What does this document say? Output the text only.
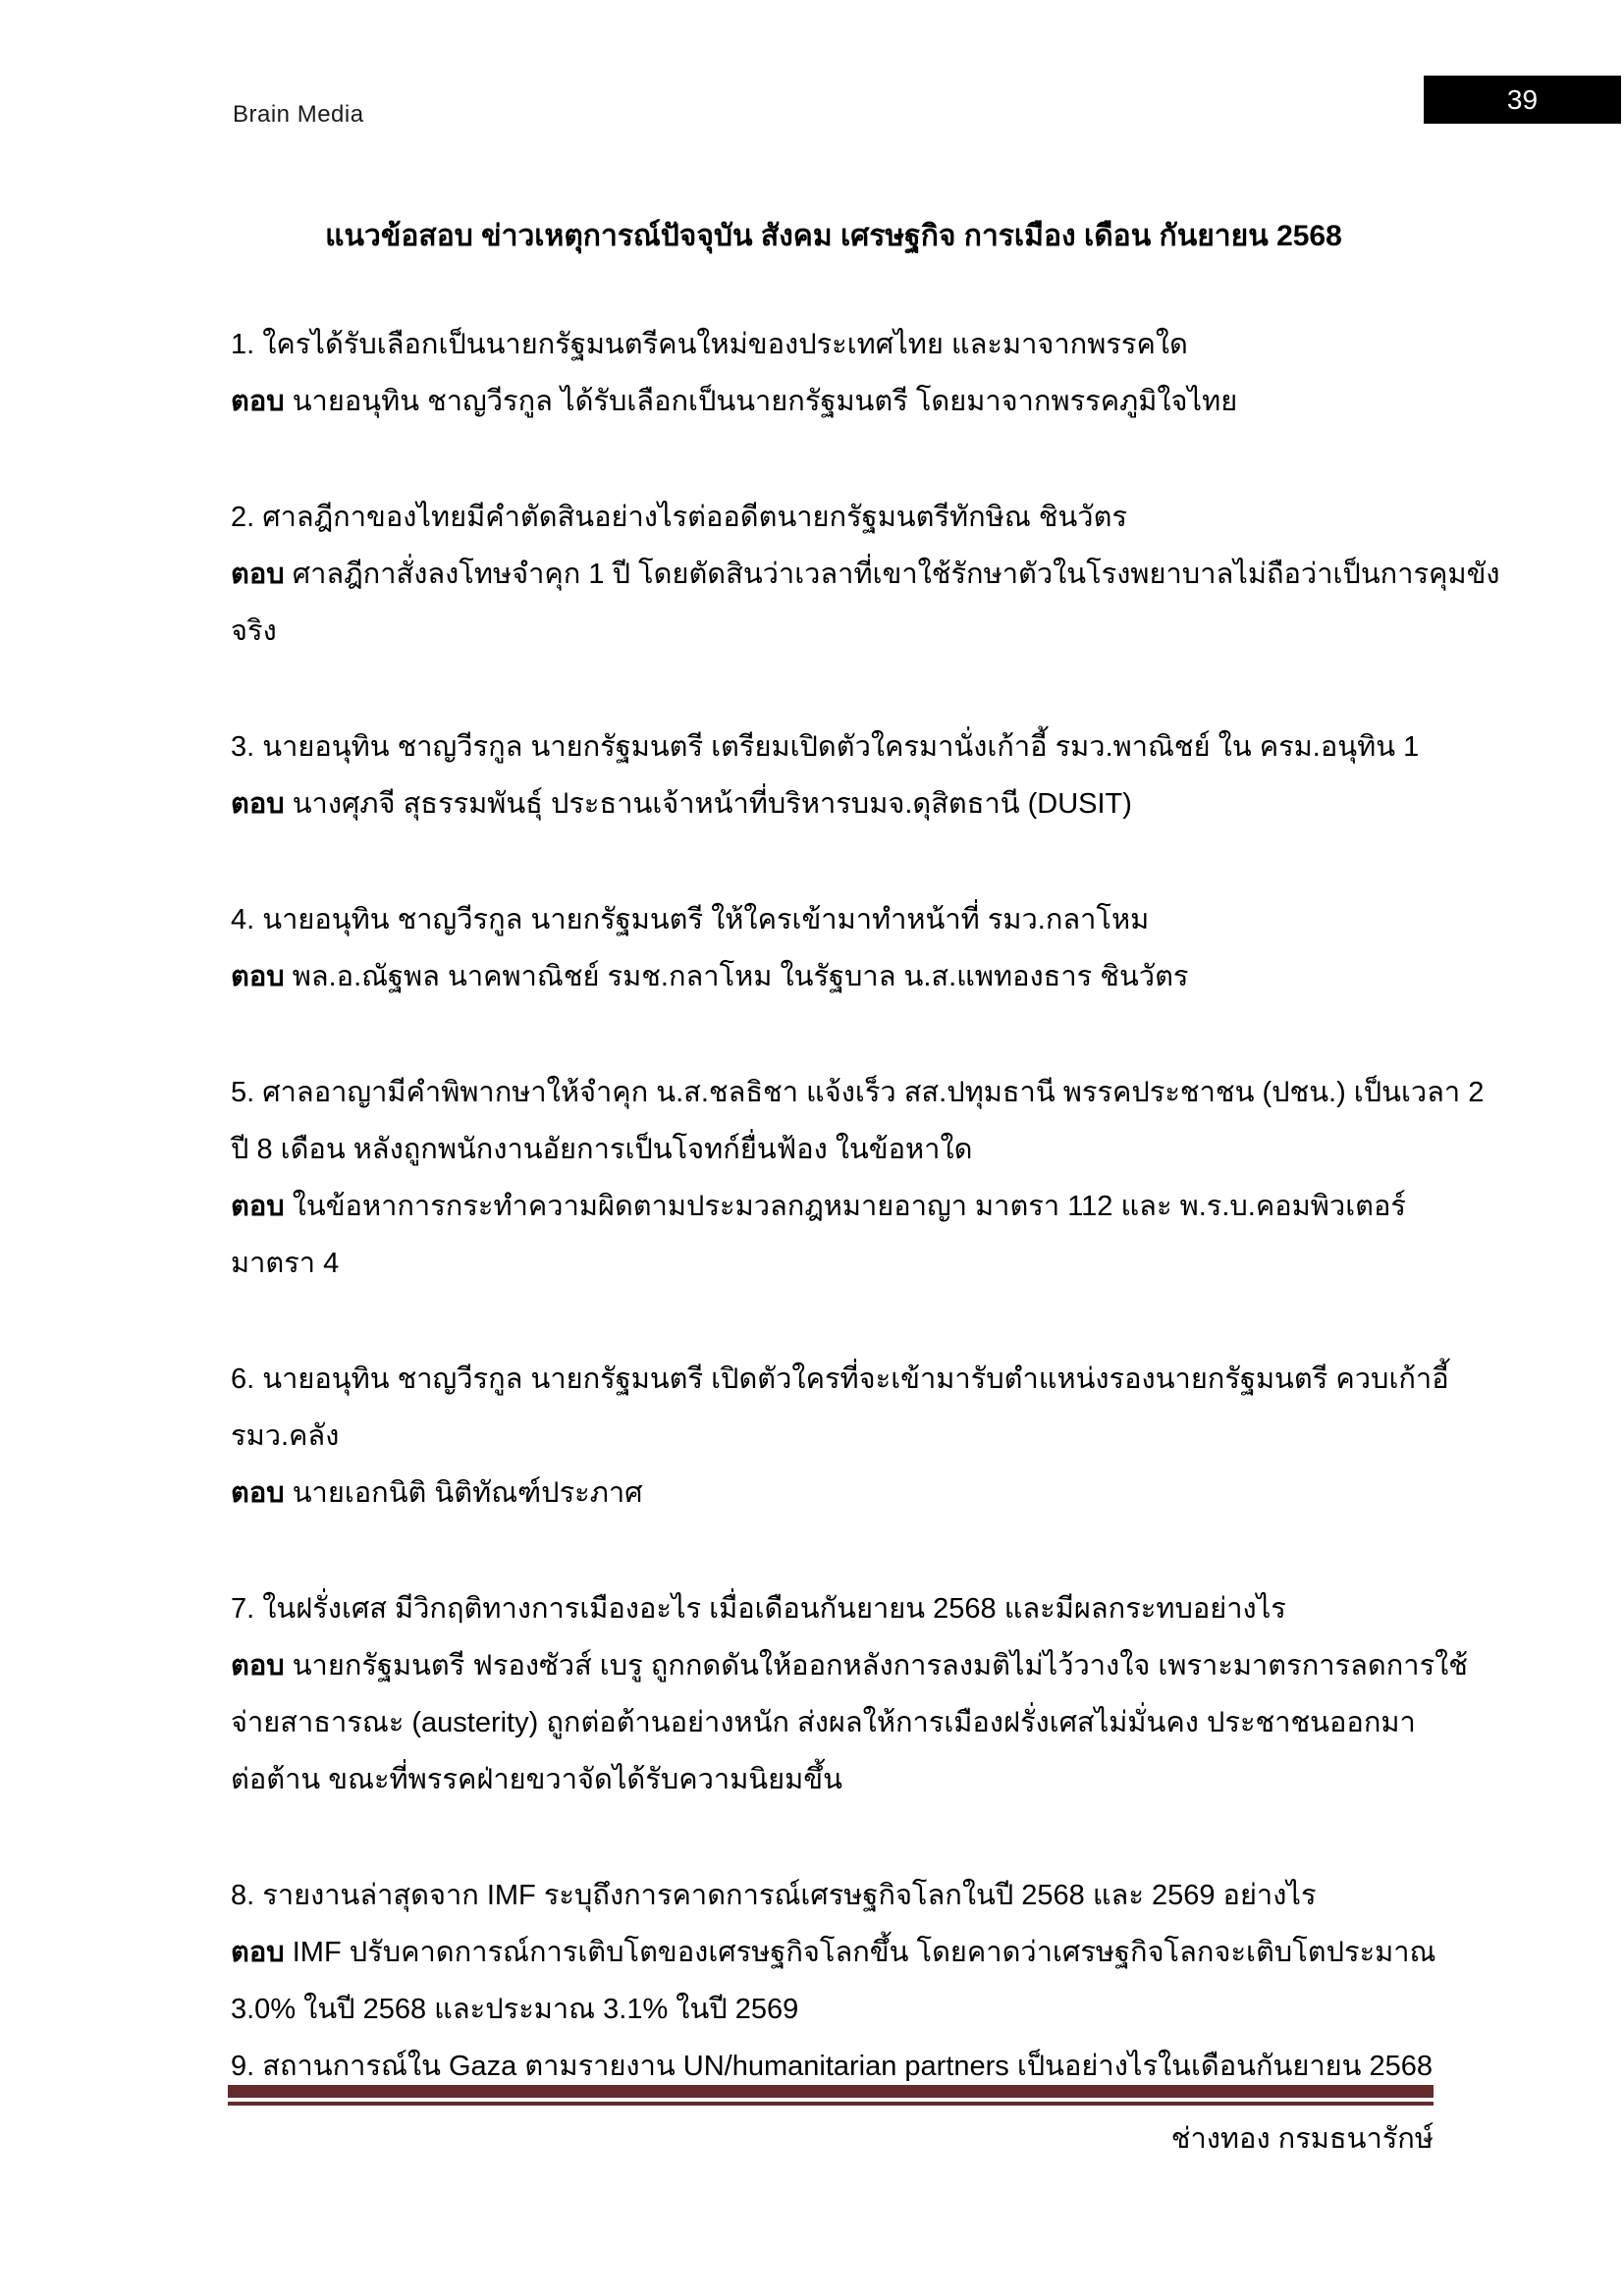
Brain Media	39
แนวข้อสอบ ข่าวเหตุการณ์ปัจจุบัน สังคม เศรษฐกิจ การเมือง เดือน กันยายน 2568
1. ใครได้รับเลือกเป็นนายกรัฐมนตรีคนใหม่ของประเทศไทย และมาจากพรรคใด
ตอบ นายอนุทิน ชาญวีรกูล ได้รับเลือกเป็นนายกรัฐมนตรี โดยมาจากพรรคภูมิใจไทย
2. ศาลฎีกาของไทยมีคำตัดสินอย่างไรต่ออดีตนายกรัฐมนตรีทักษิณ ชินวัตร
ตอบ ศาลฎีกาสั่งลงโทษจำคุก 1 ปี โดยตัดสินว่าเวลาที่เขาใช้รักษาตัวในโรงพยาบาลไม่ถือว่าเป็นการคุมขัง
จริง
3. นายอนุทิน ชาญวีรกูล นายกรัฐมนตรี เตรียมเปิดตัวใครมานั่งเก้าอี้ รมว.พาณิชย์ ใน ครม.อนุทิน 1
ตอบ นางศุภจี สุธรรมพันธุ์ ประธานเจ้าหน้าที่บริหารบมจ.ดุสิตธานี (DUSIT)
4. นายอนุทิน ชาญวีรกูล นายกรัฐมนตรี ให้ใครเข้ามาทำหน้าที่ รมว.กลาโหม
ตอบ พล.อ.ณัฐพล นาคพาณิชย์ รมช.กลาโหม ในรัฐบาล น.ส.แพทองธาร ชินวัตร
5. ศาลอาญามีคำพิพากษาให้จำคุก น.ส.ชลธิชา แจ้งเร็ว สส.ปทุมธานี พรรคประชาชน (ปชน.) เป็นเวลา 2
ปี 8 เดือน หลังถูกพนักงานอัยการเป็นโจทก์ยื่นฟ้อง ในข้อหาใด
ตอบ ในข้อหาการกระทำความผิดตามประมวลกฎหมายอาญา มาตรา 112 และ พ.ร.บ.คอมพิวเตอร์
มาตรา 4
6. นายอนุทิน ชาญวีรกูล นายกรัฐมนตรี เปิดตัวใครที่จะเข้ามารับตำแหน่งรองนายกรัฐมนตรี ควบเก้าอี้
รมว.คลัง
ตอบ นายเอกนิติ นิติทัณฑ์ประภาศ
7. ในฝรั่งเศส มีวิกฤติทางการเมืองอะไร เมื่อเดือนกันยายน 2568 และมีผลกระทบอย่างไร
ตอบ นายกรัฐมนตรี ฟรองซัวส์ เบรู ถูกกดดันให้ออกหลังการลงมติไม่ไว้วางใจ เพราะมาตรการลดการใช้
จ่ายสาธารณะ (austerity) ถูกต่อต้านอย่างหนัก ส่งผลให้การเมืองฝรั่งเศสไม่มั่นคง ประชาชนออกมา
ต่อต้าน ขณะที่พรรคฝ่ายขวาจัดได้รับความนิยมขึ้น
8. รายงานล่าสุดจาก IMF ระบุถึงการคาดการณ์เศรษฐกิจโลกในปี 2568 และ 2569 อย่างไร
ตอบ IMF ปรับคาดการณ์การเติบโตของเศรษฐกิจโลกขึ้น โดยคาดว่าเศรษฐกิจโลกจะเติบโตประมาณ
3.0% ในปี 2568 และประมาณ 3.1% ในปี 2569
9. สถานการณ์ใน Gaza ตามรายงาน UN/humanitarian partners เป็นอย่างไรในเดือนกันยายน 2568
ช่างทอง กรมธนารักษ์
